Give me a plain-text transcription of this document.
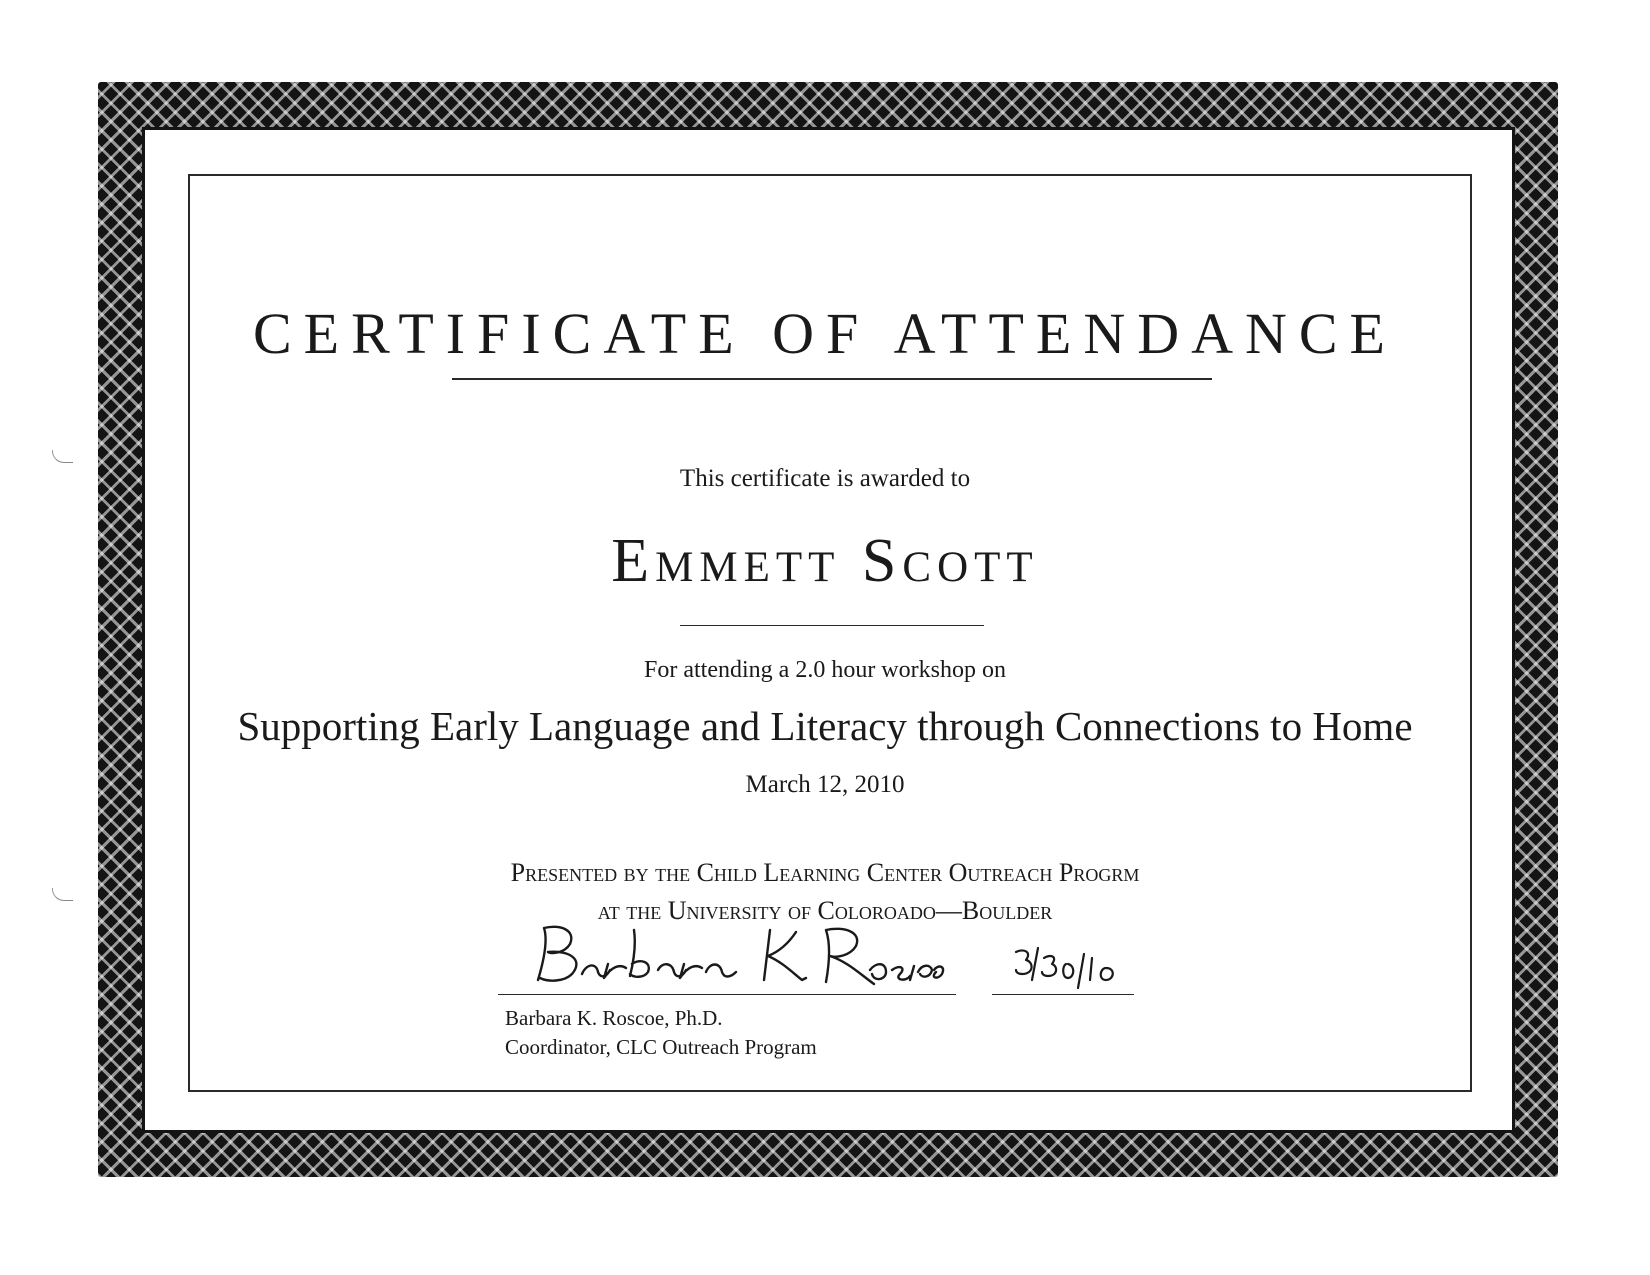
CERTIFICATE OF ATTENDANCE
This certificate is awarded to
Emmett Scott
For attending a 2.0 hour workshop on
Supporting Early Language and Literacy through Connections to Home
March 12, 2010
Presented by the Child Learning Center Outreach Progrm
at the University of Coloroado—Boulder
Barbara K. Roscoe
3/30/10
Barbara K. Roscoe, Ph.D.
Coordinator, CLC Outreach Program
